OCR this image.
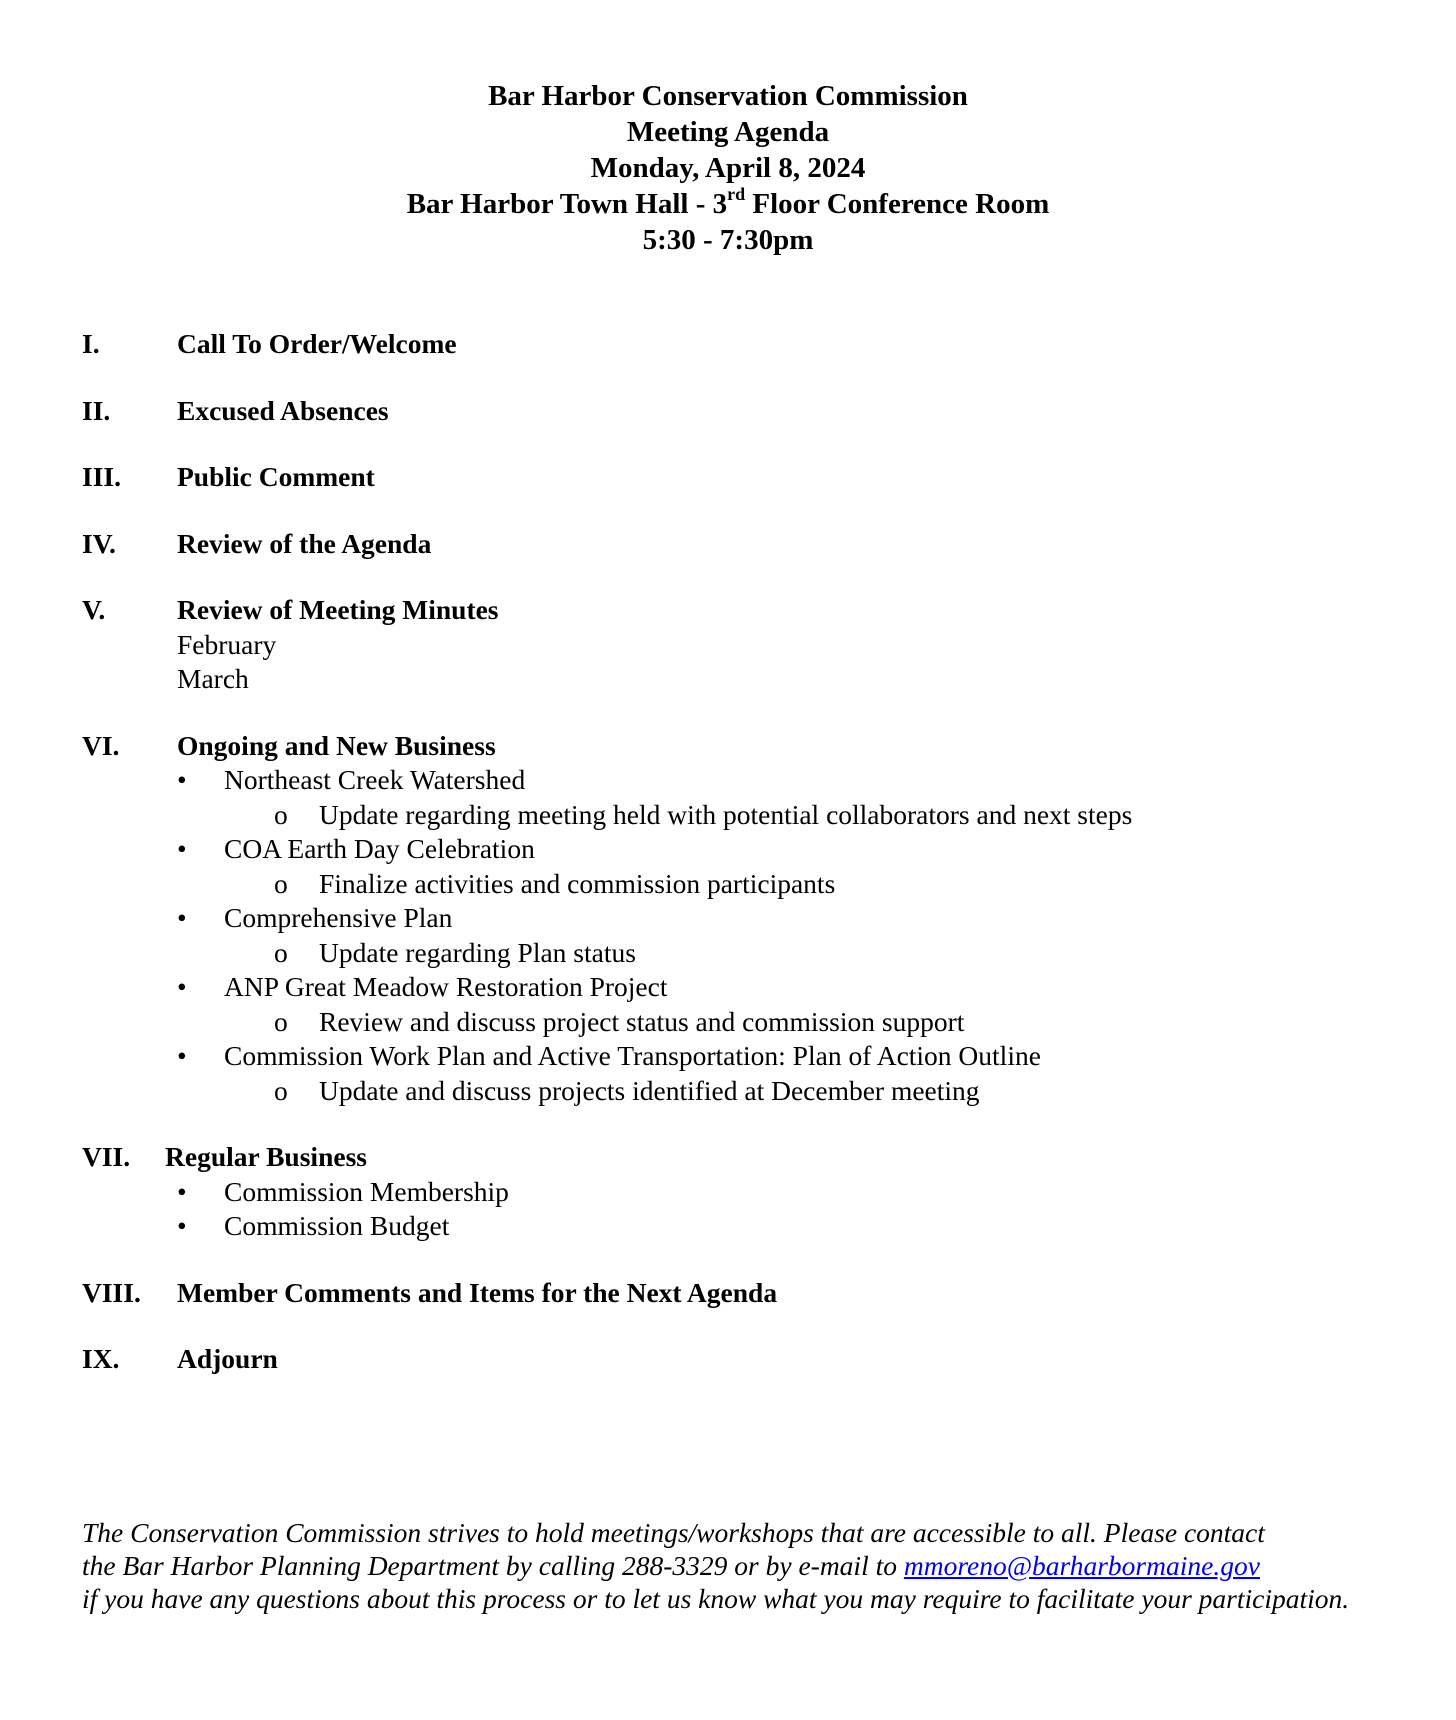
Bar Harbor Conservation Commission
Meeting Agenda
Monday, April 8, 2024
Bar Harbor Town Hall - 3rd Floor Conference Room
5:30 - 7:30pm
I.	Call To Order/Welcome
II. Excused Absences
III. Public Comment
IV. Review of the Agenda
V.	Review of Meeting Minutes
February
March
VI. Ongoing and New Business
• Northeast Creek Watershed
o Update regarding meeting held with potential collaborators and next steps
• COA Earth Day Celebration
o Finalize activities and commission participants
• Comprehensive Plan
o Update regarding Plan status
• ANP Great Meadow Restoration Project
o Review and discuss project status and commission support
• Commission Work Plan and Active Transportation: Plan of Action Outline
o Update and discuss projects identified at December meeting
VII. Regular Business
• Commission Membership
• Commission Budget
VIII. Member Comments and Items for the Next Agenda
IX. Adjourn
The Conservation Commission strives to hold meetings/workshops that are accessible to all. Please contact
the Bar Harbor Planning Department by calling 288-3329 or by e-mail to mmoreno@barharbormaine.gov
if you have any questions about this process or to let us know what you may require to facilitate your participation.
